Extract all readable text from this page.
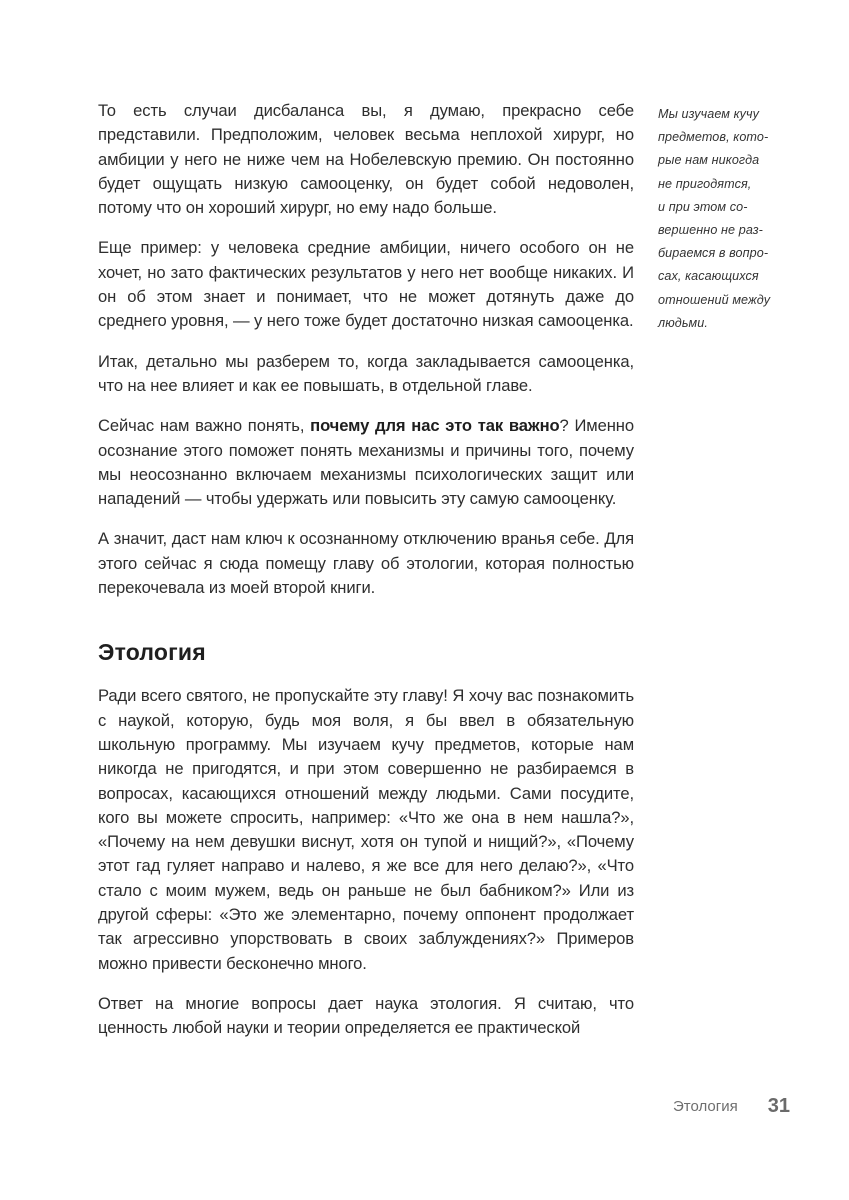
То есть случаи дисбаланса вы, я думаю, прекрасно себе представили. Предположим, человек весьма неплохой хирург, но амбиции у него не ниже чем на Нобелевскую премию. Он постоянно будет ощущать низкую самооценку, он будет собой недоволен, потому что он хороший хирург, но ему надо больше.

Еще пример: у человека средние амбиции, ничего особого он не хочет, но зато фактических результатов у него нет вообще никаких. И он об этом знает и понимает, что не может дотянуть даже до среднего уровня, — у него тоже будет достаточно низкая самооценка.

Итак, детально мы разберем то, когда закладывается самооценка, что на нее влияет и как ее повышать, в отдельной главе.

Сейчас нам важно понять, почему для нас это так важно? Именно осознание этого поможет понять механизмы и причины того, почему мы неосознанно включаем механизмы психологических защит или нападений — чтобы удержать или повысить эту самую самооценку.

А значит, даст нам ключ к осознанному отключению вранья себе. Для этого сейчас я сюда помещу главу об этологии, которая полностью перекочевала из моей второй книги.

Этология

Ради всего святого, не пропускайте эту главу! Я хочу вас познакомить с наукой, которую, будь моя воля, я бы ввел в обязательную школьную программу. Мы изучаем кучу предметов, которые нам никогда не пригодятся, и при этом совершенно не разбираемся в вопросах, касающихся отношений между людьми. Сами посудите, кого вы можете спросить, например: «Что же она в нем нашла?», «Почему на нем девушки виснут, хотя он тупой и нищий?», «Почему этот гад гуляет направо и налево, я же все для него делаю?», «Что стало с моим мужем, ведь он раньше не был бабником?» Или из другой сферы: «Это же элементарно, почему оппонент продолжает так агрессивно упорствовать в своих заблуждениях?» Примеров можно привести бесконечно много.

Ответ на многие вопросы дает наука этология. Я считаю, что ценность любой науки и теории определяется ее практической

Мы изучаем кучу
предметов, кото-
рые нам никогда
не пригодятся,
и при этом со-
вершенно не раз-
бираемся в вопро-
сах, касающихся
отношений между
людьми.
Этология 31
